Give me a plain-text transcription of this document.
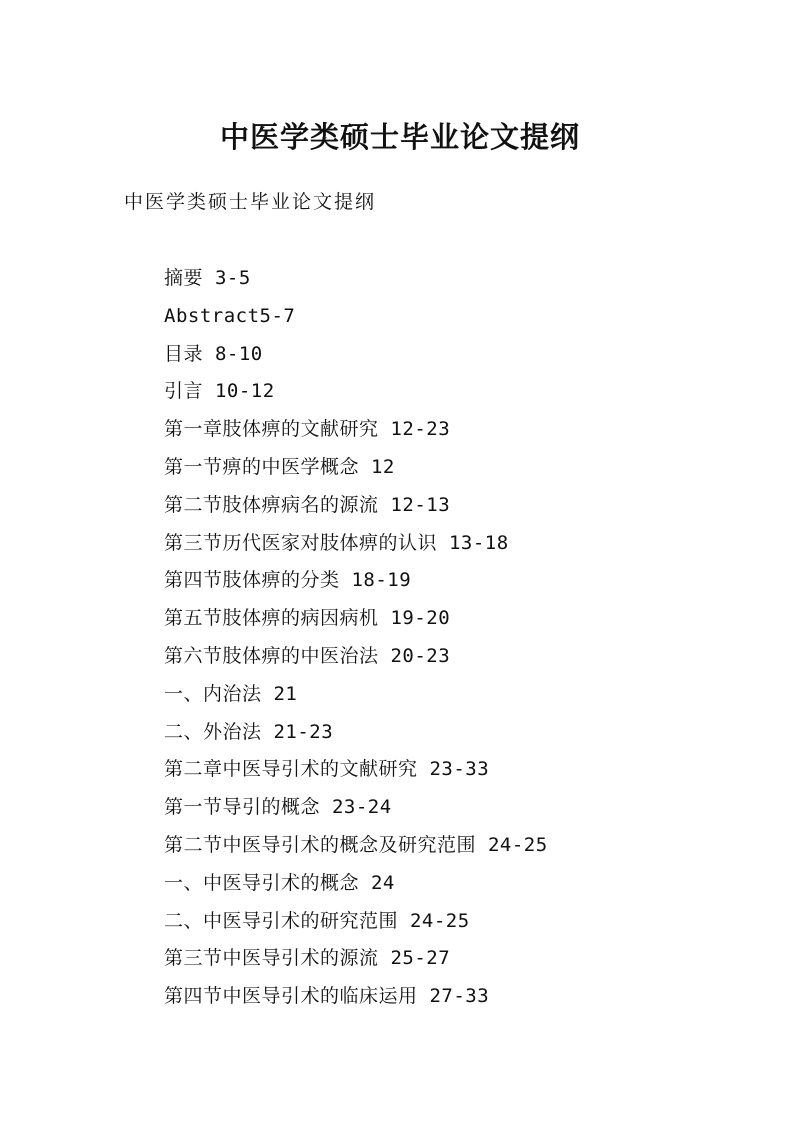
中医学类硕士毕业论文提纲
中医学类硕士毕业论文提纲
摘要 3-5
Abstract5-7
目录 8-10
引言 10-12
第一章肢体痹的文献研究 12-23
第一节痹的中医学概念 12
第二节肢体痹病名的源流 12-13
第三节历代医家对肢体痹的认识 13-18
第四节肢体痹的分类 18-19
第五节肢体痹的病因病机 19-20
第六节肢体痹的中医治法 20-23
一、内治法 21
二、外治法 21-23
第二章中医导引术的文献研究 23-33
第一节导引的概念 23-24
第二节中医导引术的概念及研究范围 24-25
一、中医导引术的概念 24
二、中医导引术的研究范围 24-25
第三节中医导引术的源流 25-27
第四节中医导引术的临床运用 27-33
